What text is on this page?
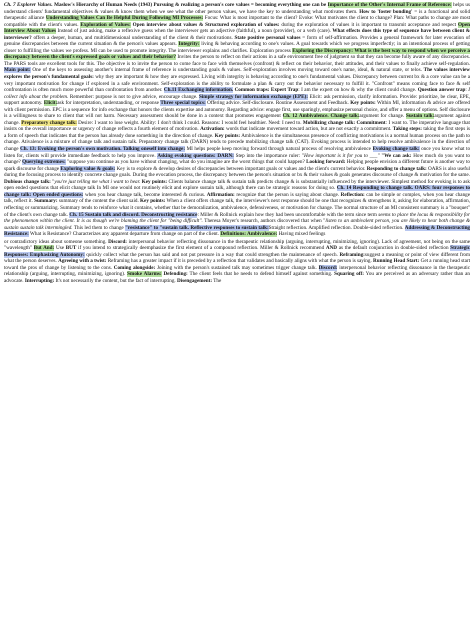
Ch. 7 Explorer Values. Maslow's Hierarchy of Human Needs (1943) Pursuing & realizing a person's core values = becoming everything one can be Importance of the Other's Internal Frame of Reference: helps us understand clients' fundamental objectives & values & know them when we see what the other person values, we have the key to understanding what motivates them. How to 'foster bonding' = is a functional and solid therapeutic alliance Understanding Values Can Be Helpful During Following MI Processes: Focus: What is most important to the client? Evoke: What motivates the client to change? Plan: What paths to change are most compatible with the client's values. Exploration of Values: Open interview about values & Structured exploration of values: during the exploration of values it is important to transmit acceptance and respect Open Interview About Values Instead of just asking, make a reflexive guess when the interviewer gets an adjective (faithful), a noun (provider), or a verb (care). What effects does this type of sequence have between client & interviewer? offers a deeper, human, and multidimensional understanding of the client & their motivations. State positive personal values = form of self-affirmation. Provides a general framework for later evocation of genuine discrepancies between the current situation & the person's values appears. Integrity: living & behaving according to one's values. A goal towards which we progress imperfectly; in an intentional process of getting closer to fulfilling the values we profess. MI can be used to promote integrity. The interviewer explains and clarifies. Exploration process Exploring the Discrepancy: What is the best way to respond when we perceive a discrepancy between the client's expressed goals or values and their behavior? Invites the person to reflect on their actions in a safe environment free of judgment so that they can become fully aware of any discrepancies. The PARS tools are excellent tools for this. The objective is to invite the person to come face to face with themselves (confront) & reflect on their behavior, their attitudes, and their values to finally achieve self-regulation. Main point: One of the keys to assessing another's internal frame of reference is understanding goals & values. Self-exploration involves moving toward one's name, ideal, & natural state, or telos. The values interview explores the person's fundamental goals: why they are important & how they are expressed. Living with integrity is behaving according to one's fundamental values. Discrepancy between current bx & a core value can be a very important motivation for change if explored in a safe environment. Self-exploration is the ability to formulate a plan & carry out the behavior necessary to fulfill it. "Confront" means coming face to face & self confrontation is often much more powerful than confrontation from another. Ch.11 Exchanging information. Common traps: Expert Trap: I am the expert on how & why the client could change. Question answer trap: I collect info about the problem. Remember: purpose is not to give advice, encourage change. Simple strategy for information exchange (EPE): Elicit: ask permission, clarify information. Provide: prioritize, be clear, EPE, support autonomy. Elicit:ask for interpretation, understanding, or response Three special topics: Offering advice. Self-disclosure. Routine Assessment and Feedback. Key points: Within MI, information & advice are offered with client permission. EPC is a sequence for info exchange that honors the clients expertise and autonomy. Regarding advice: engage first, use sparingly, emphasize personal choice, and offer a menu of options. Self disclosure is a willingness to share to client that will not harm. Necessary assessment should be done in a context that promotes engagement Ch. 12 Ambivalence. Change talk:argument for change. Sustain talk:argument against change. Preparatory change talk: Desire: I want to lose weight. Ability: I don't think I could. Reasons: I would feel healthier. Need: I need to. Mobilizing change talk: Commitment: I want to. The imperative language that insists on the overall importance or urgency of change reflects a fourth element of motivation. Activation: words that indicate movement toward action, but are not exactly a commitment. Taking steps: taking the first steps is a form of speech that indicates that the person has already done something in the direction of change. Key points: Ambivalence is the simultaneous presence of conflicting motivations is a normal human process on the path to change. Ativalence is a mixture of change talk and sustain talk. Preparatory change talk (DARN) tends to precede mobilizing change talk (CAT). Evoking process is intended to help resolve ambivalence in the direction of change Ch. 13: Evoking the person's own motivation. Talking oneself into change: MI helps people keep moving forward through natural process of resolving ambivalence Evoking change talk: once you know what to listen for, clients will provide immediate feedback to help you improve. Asking evoking questions: DARN: Step into the importance ruler: "How important is it for you to ___" "We can ask: How much do you want to change? Querying extremes: "suppose you continue as you have without changing, what do you imagine are the worst things that could happen? Looking forward: Helping people envision a different future is another way to spark discourse for change Exploring value & goals: Key is to explore & develop desires of discrepancies between important goals or values and the client's current behavior. Responding to change talk: OARS is also useful during the focusing process to identify concrete change goals. During the evocation process, the discrepancy between the person's situation or bx & their values & goals generates discourse of change & motivation for the same. Dubious change talk: "you're just telling me what i want to hear. Key points: Clients balance change talk & sustain talk predicts change & is substantially influenced by the interviewer. Simplest method for evoking is to ask open ended questions that elicit change talk In MI one would not routinely elicit and explore sustain talk, although there can be strategic reasons for doing so. Ch. 14 Responding to change talk. OARS: four responses to change talk: Open ended questions: when you hear change talk, become interested & curious. Affirmation: recognize that the person is saying about change. Reflection: can be simple or complex, when you hear change talk, reflect it. Summary: summary of the content the client said. Key points: When a client offers change talk, the interviewer's next response should be one that recognizes & strengthens it, asking for elaboration, affirmation, reflecting or summarizing. Summary tends to reinforce what it contains, whether that be demoralization, ambivalence, defensiveness, or motivation for change. The normal structure of an MI consistent summary is a "bouquet" of the client's own change talk. Ch. 15 Sustain talk and discord. Deconstructing resistance: Miller & Rollnick explain how they had been uncomfortable with the term since term seems to place the locus & responsibility for the phenomenon within the client. It is as though we're blaming the client for "being difficult". Theresa Moyer's research, authors discovered that when "listen to an ambivalent person, you are likely to hear both change & sustain sustain talk intermingled. This led them to change "resistance" to "sustain talk. Reflective responses to sustain talk:Straight reflection. Amplified reflection. Double-sided reflection. Addressing & Deconstructing Resistance: What is Resistance? Characterizes any apparent departure from change on part of the client. Definitions: Ambivalence: Having mixed feelings

or contradictory ideas about someone something. Discord: interpersonal behavior reflecting dissonance in the therapeutic relationship (arguing, interrupting, minimizing, ignoring). Lack of agreement, not being on the same "wavelength" But And: Use BUT if you intend to strategically deemphasize the first element of a compound reflection. Miller & Rollnick recommend AND as the default conjunction in double-sided reflection Strategic Responses: Emphasizing Autonomy: quickly collect what the person has said and not put pressure in a way that could strengthen the maintenance of speech. Reframing:suggest a meaning or point of view different from what the person deserves. Agreeing with a twist: Reframing has a greater impact if it is preceded by a reflection that validates and basically aligns with what the person is saying. Running Head Start: Get a running head start toward the pros of change by listening to the cons. Coming alongside: Joining with the person's sustained talk may sometimes trigger change talk. Discord: interpersonal behavior reflecting dissonance in the therapeutic relationship (arguing, interrupting, minimizing, ignoring). Smoke Alarms: Defending: The client feels that he needs to defend himself against something. Squaring off: You are perceived as an adversary rather than an advocate. Interrupting: It's not necessarily the content, but the fact of interrupting. Disengagement: The
